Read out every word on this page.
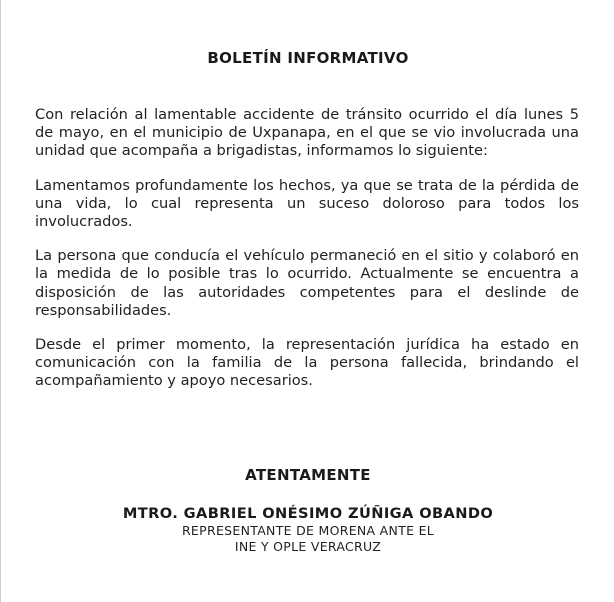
BOLETÍN INFORMATIVO

Con relación al lamentable accidente de tránsito ocurrido el día lunes 5 de mayo, en el municipio de Uxpanapa, en el que se vio involucrada una unidad que acompaña a brigadistas, informamos lo siguiente:

Lamentamos profundamente los hechos, ya que se trata de la pérdida de una vida, lo cual representa un suceso doloroso para todos los involucrados.

La persona que conducía el vehículo permaneció en el sitio y colaboró en la medida de lo posible tras lo ocurrido. Actualmente se encuentra a disposición de las autoridades competentes para el deslinde de responsabilidades.

Desde el primer momento, la representación jurídica ha estado en comunicación con la familia de la persona fallecida, brindando el acompañamiento y apoyo necesarios.

ATENTAMENTE
MTRO. GABRIEL ONÉSIMO ZÚÑIGA OBANDO
REPRESENTANTE DE MORENA ANTE EL
INE Y OPLE VERACRUZ
